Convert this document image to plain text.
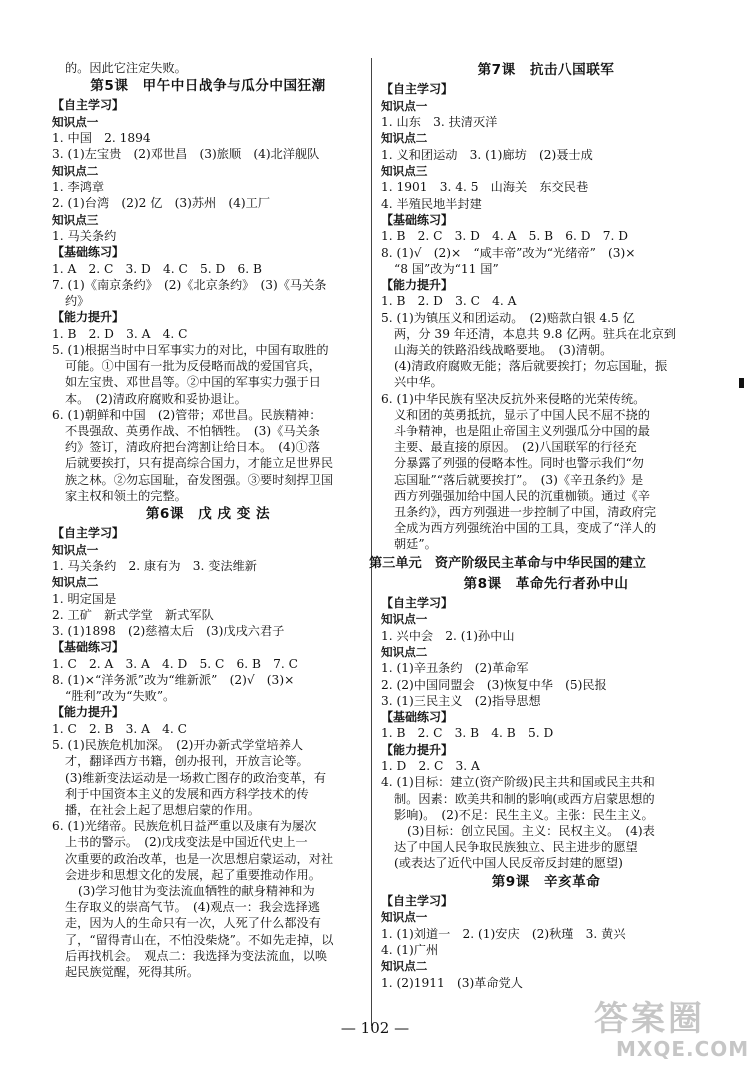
的。因此它注定失败。
第5课　甲午中日战争与瓜分中国狂潮
【自主学习】
知识点一
1. 中国　2. 1894
3. (1)左宝贵　(2)邓世昌　(3)旅顺　(4)北洋舰队
知识点二
1. 李鸿章
2. (1)台湾　(2)2 亿　(3)苏州　(4)工厂
知识点三
1. 马关条约
【基础练习】
1. A　2. C　3. D　4. C　5. D　6. B
7. (1)《南京条约》　(2)《北京条约》　(3)《马关条
约》
【能力提升】
1. B　2. D　3. A　4. C
5. (1)根据当时中日军事实力的对比，中国有取胜的
可能。①中国有一批为反侵略而战的爱国官兵，
如左宝贵、邓世昌等。②中国的军事实力强于日
本。　(2)清政府腐败和妥协退让。
6. (1)朝鲜和中国　(2)管带；邓世昌。民族精神：
不畏强敌、英勇作战、不怕牺牲。　(3)《马关条
约》签订，清政府把台湾割让给日本。　(4)①落
后就要挨打，只有提高综合国力，才能立足世界民
族之林。②勿忘国耻，奋发图强。③要时刻捍卫国
家主权和领土的完整。
第6课　戊 戌 变 法
【自主学习】
知识点一
1. 马关条约　2. 康有为　3. 变法维新
知识点二
1. 明定国是
2. 工矿　新式学堂　新式军队
3. (1)1898　(2)慈禧太后　(3)戊戌六君子
【基础练习】
1. C　2. A　3. A　4. D　5. C　6. B　7. C
8. (1)×“洋务派”改为“维新派”　(2)√　(3)×
“胜利”改为“失败”。
【能力提升】
1. C　2. B　3. A　4. C
5. (1)民族危机加深。　(2)开办新式学堂培养人
才，翻译西方书籍，创办报刊，开放言论等。
(3)维新变法运动是一场救亡图存的政治变革，有
利于中国资本主义的发展和西方科学技术的传
播，在社会上起了思想启蒙的作用。
6. (1)光绪帝。民族危机日益严重以及康有为屡次
上书的警示。　(2)戊戌变法是中国近代史上一
次重要的政治改革，也是一次思想启蒙运动，对社
会进步和思想文化的发展，起了重要推动作用。
(3)学习他甘为变法流血牺牲的献身精神和为
生存取义的崇高气节。　(4)观点一：我会选择逃
走，因为人的生命只有一次，人死了什么都没有
了，“留得青山在，不怕没柴烧”。不如先走掉，以
后再找机会。　观点二：我选择为变法流血，以唤
起民族觉醒，死得其所。
第7课　抗击八国联军
【自主学习】
知识点一
1. 山东　3. 扶清灭洋
知识点二
1. 义和团运动　3. (1)廊坊　(2)聂士成
知识点三
1. 1901　3. 4. 5　山海关　东交民巷
4. 半殖民地半封建
【基础练习】
1. B　2. C　3. D　4. A　5. B　6. D　7. D
8. (1)√　(2)×　“咸丰帝”改为“光绪帝”　(3)×
“8 国”改为“11 国”
【能力提升】
1. B　2. D　3. C　4. A
5. (1)为镇压义和团运动。　(2)赔款白银 4.5 亿
两，分 39 年还清，本息共 9.8 亿两。驻兵在北京到
山海关的铁路沿线战略要地。　(3)清朝。
(4)清政府腐败无能；落后就要挨打；勿忘国耻，振
兴中华。
6. (1)中华民族有坚决反抗外来侵略的光荣传统。
义和团的英勇抵抗，显示了中国人民不屈不挠的
斗争精神，也是阻止帝国主义列强瓜分中国的最
主要、最直接的原因。　(2)八国联军的行径充
分暴露了列强的侵略本性。同时也警示我们“勿
忘国耻”“落后就要挨打”。　(3)《辛丑条约》是
西方列强强加给中国人民的沉重枷锁。通过《辛
丑条约》，西方列强进一步控制了中国，清政府完
全成为西方列强统治中国的工具，变成了“洋人的
朝廷”。
第三单元　资产阶级民主革命与中华民国的建立
第8课　革命先行者孙中山
【自主学习】
知识点一
1. 兴中会　2. (1)孙中山
知识点二
1. (1)辛丑条约　(2)革命军
2. (2)中国同盟会　(3)恢复中华　(5)民报
3. (1)三民主义　(2)指导思想
【基础练习】
1. B　2. C　3. B　4. B　5. D
【能力提升】
1. D　2. C　3. A
4. (1)目标：建立(资产阶级)民主共和国或民主共和
制。因素：欧美共和制的影响(或西方启蒙思想的
影响)。　(2)不足：民生主义。主张：民生主义。
(3)目标：创立民国。主义：民权主义。　(4)表
达了中国人民争取民族独立、民主进步的愿望
(或表达了近代中国人民反帝反封建的愿望)
第9课　辛亥革命
【自主学习】
知识点一
1. (1)刘道一　2. (1)安庆　(2)秋瑾　3. 黄兴
4. (1)广州
知识点二
1. (2)1911　(3)革命党人
— 102 —	答案圈
MXQE.COM
